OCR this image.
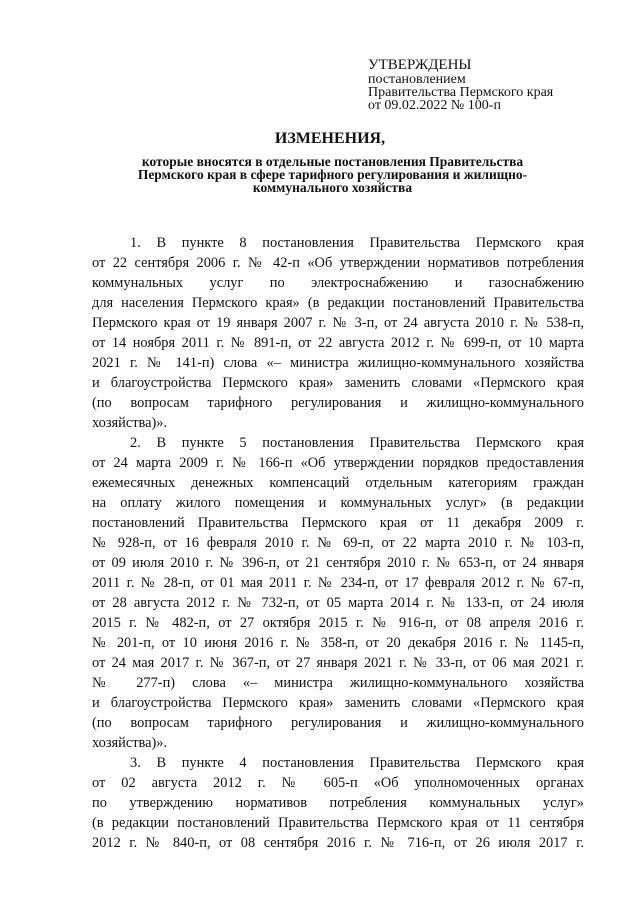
УТВЕРЖДЕНЫ
постановлением
Правительства Пермского края
от 09.02.2022 № 100-п
ИЗМЕНЕНИЯ,
которые вносятся в отдельные постановления Правительства
Пермского края в сфере тарифного регулирования и жилищно-
коммунального хозяйства
1. В пункте 8 постановления Правительства Пермского края
от 22 сентября 2006 г. № 42-п «Об утверждении нормативов потребления
коммунальных услуг по электроснабжению и газоснабжению
для населения Пермского края» (в редакции постановлений Правительства
Пермского края от 19 января 2007 г. № 3-п, от 24 августа 2010 г. № 538-п,
от 14 ноября 2011 г. № 891-п, от 22 августа 2012 г. № 699-п, от 10 марта
2021 г. № 141-п) слова «– министра жилищно-коммунального хозяйства
и благоустройства Пермского края» заменить словами «Пермского края
(по вопросам тарифного регулирования и жилищно-коммунального
хозяйства)».
2. В пункте 5 постановления Правительства Пермского края
от 24 марта 2009 г. № 166-п «Об утверждении порядков предоставления
ежемесячных денежных компенсаций отдельным категориям граждан
на оплату жилого помещения и коммунальных услуг» (в редакции
постановлений Правительства Пермского края от 11 декабря 2009 г.
№ 928-п, от 16 февраля 2010 г. № 69-п, от 22 марта 2010 г. № 103-п,
от 09 июля 2010 г. № 396-п, от 21 сентября 2010 г. № 653-п, от 24 января
2011 г. № 28-п, от 01 мая 2011 г. № 234-п, от 17 февраля 2012 г. № 67-п,
от 28 августа 2012 г. № 732-п, от 05 марта 2014 г. № 133-п, от 24 июля
2015 г. № 482-п, от 27 октября 2015 г. № 916-п, от 08 апреля 2016 г.
№ 201-п, от 10 июня 2016 г. № 358-п, от 20 декабря 2016 г. № 1145-п,
от 24 мая 2017 г. № 367-п, от 27 января 2021 г. № 33-п, от 06 мая 2021 г.
№ 277-п) слова «– министра жилищно-коммунального хозяйства
и благоустройства Пермского края» заменить словами «Пермского края
(по вопросам тарифного регулирования и жилищно-коммунального
хозяйства)».
3. В пункте 4 постановления Правительства Пермского края
от 02 августа 2012 г. № 605-п «Об уполномоченных органах
по утверждению нормативов потребления коммунальных услуг»
(в редакции постановлений Правительства Пермского края от 11 сентября
2012 г. № 840-п, от 08 сентября 2016 г. № 716-п, от 26 июля 2017 г.
